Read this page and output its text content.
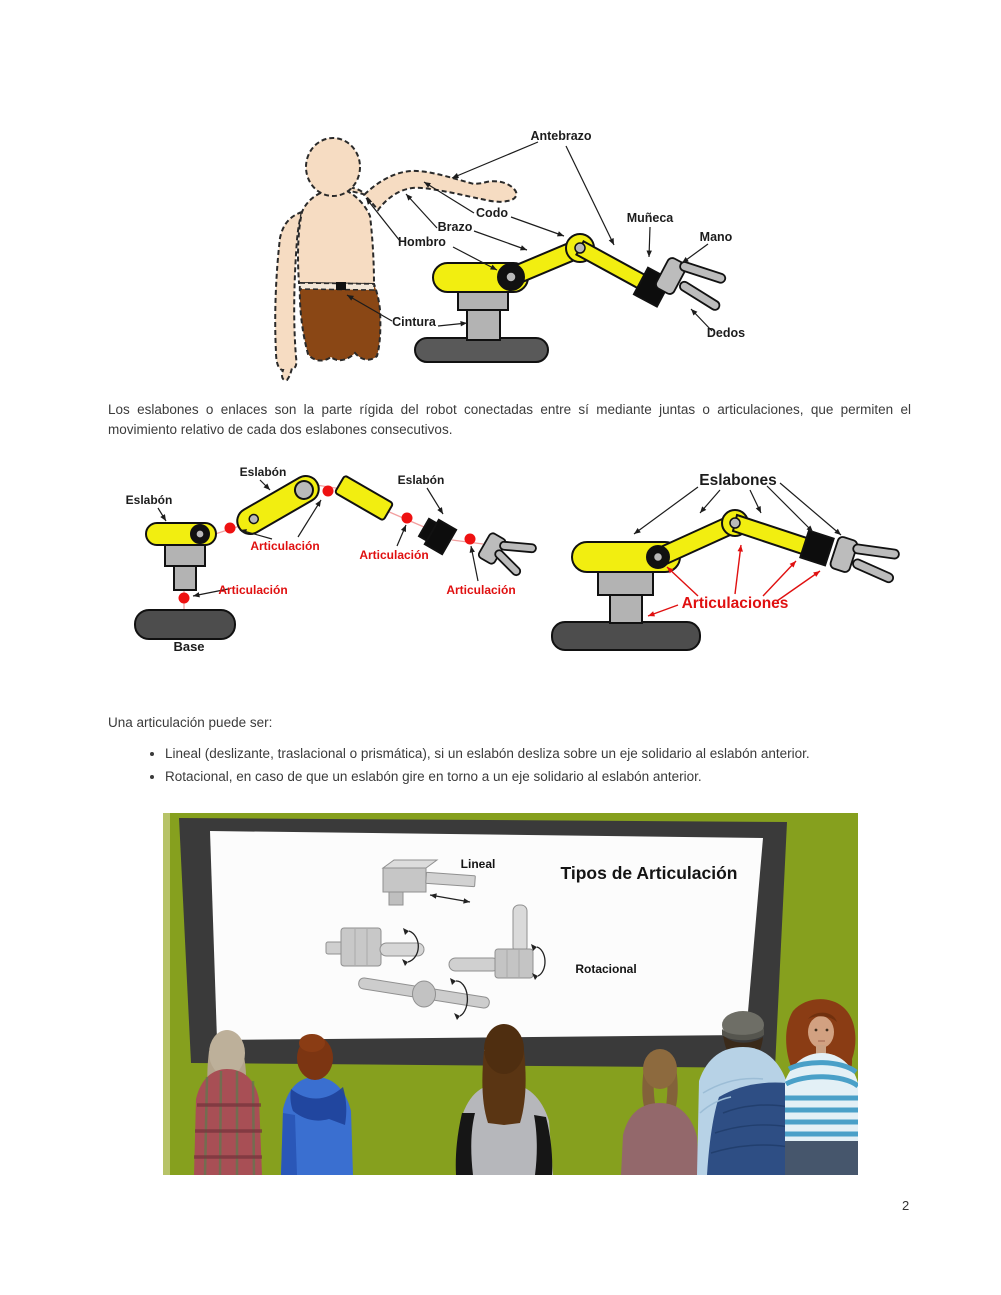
Antebrazo
Codo
Brazo
Hombro
Muñeca
Mano
Cintura
Dedos
Los eslabones o enlaces son la parte rígida del robot conectadas entre sí mediante juntas o articulaciones, que permiten el movimiento relativo de cada dos eslabones consecutivos.
Eslabón
Eslabón
Eslabón
Articulación
Articulación
Articulación	Articulación
Base
Eslabones
Articulaciones
Una articulación puede ser:
• Lineal (deslizante, traslacional o prismática), si un eslabón desliza sobre un eje solidario al eslabón anterior.
• Rotacional, en caso de que un eslabón gire en torno a un eje solidario al eslabón anterior.
Tipos de Articulación
Lineal
Rotacional
2
